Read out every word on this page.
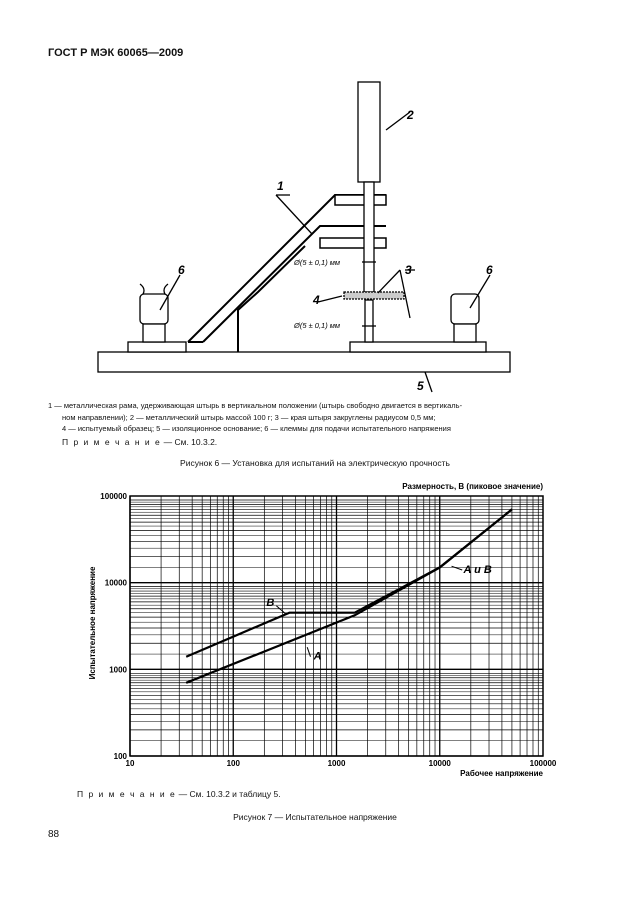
ГОСТ Р МЭК 60065—2009
1
2
3
4
5
6	6
Ø(5 ± 0,1) мм
Ø(5 ± 0,1) мм
1 — металлическая рама, удерживающая штырь в вертикальном положении (штырь свободно двигается в вертикаль-
ном направлении); 2 — металлический штырь массой 100 г; 3 — края штыря закруглены радиусом 0,5 мм;
4 — испытуемый образец; 5 — изоляционное основание; 6 — клеммы для подачи испытательного напряжения
П р и м е ч а н и е — См. 10.3.2.
Рисунок 6 — Установка для испытаний на электрическую прочность
Размерность, В (пиковое значение)
Рабочее напряжение
Испытательное напряжение
10	100	1000	10000	100000
100
1000
10000
100000
B
A
A и B
П р и м е ч а н и е — См. 10.3.2 и таблицу 5.
Рисунок 7 — Испытательное напряжение
88
